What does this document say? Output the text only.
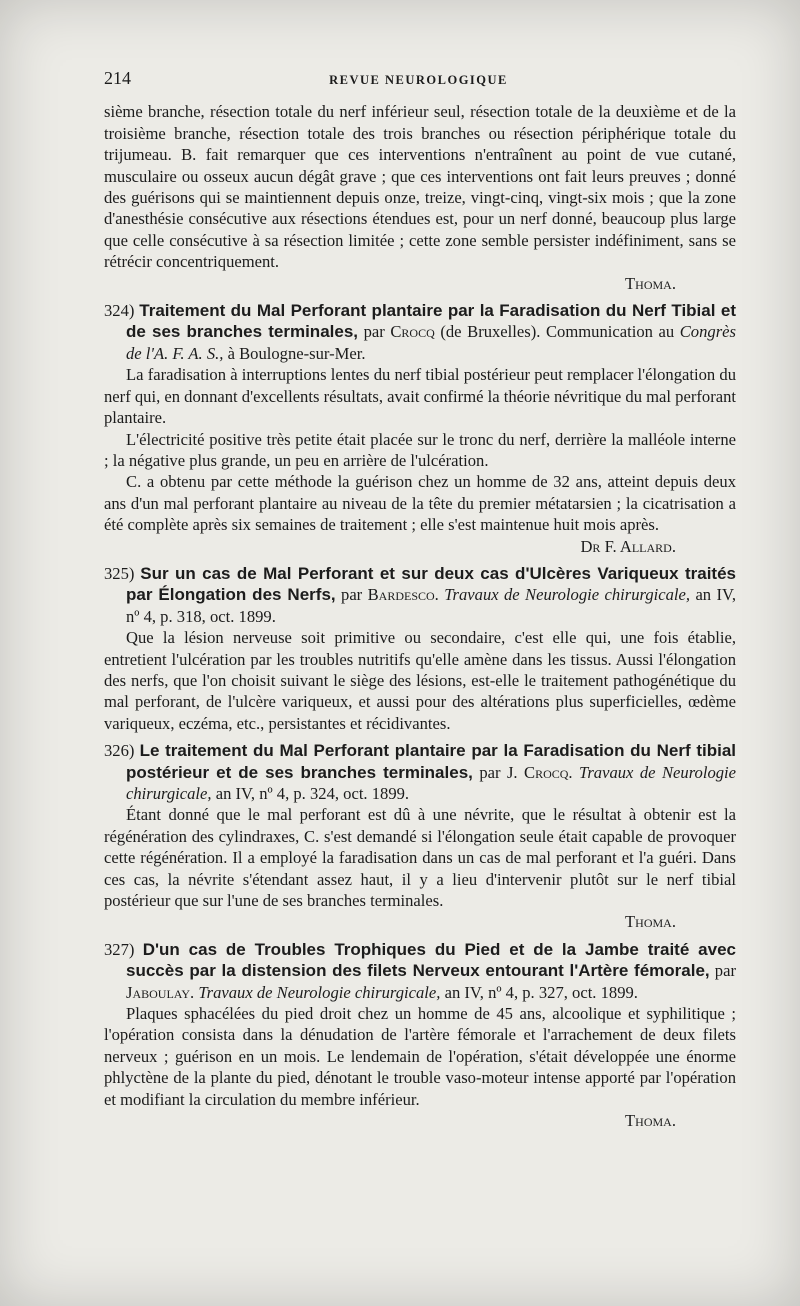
214	REVUE NEUROLOGIQUE

sième branche, résection totale du nerf inférieur seul, résection totale de la deuxième et de la troisième branche, résection totale des trois branches ou résection périphérique totale du trijumeau. B. fait remarquer que ces interventions n'entraînent au point de vue cutané, musculaire ou osseux aucun dégât grave ; que ces interventions ont fait leurs preuves ; donné des guérisons qui se maintiennent depuis onze, treize, vingt-cinq, vingt-six mois ; que la zone d'anesthésie consécutive aux résections étendues est, pour un nerf donné, beaucoup plus large que celle consécutive à sa résection limitée ; cette zone semble persister indéfiniment, sans se rétrécir concentriquement.

Thoma.

324) Traitement du Mal Perforant plantaire par la Faradisation du Nerf Tibial et de ses branches terminales, par Crocq (de Bruxelles). Communication au Congrès de l'A. F. A. S., à Boulogne-sur-Mer.

La faradisation à interruptions lentes du nerf tibial postérieur peut remplacer l'élongation du nerf qui, en donnant d'excellents résultats, avait confirmé la théorie névritique du mal perforant plantaire.

L'électricité positive très petite était placée sur le tronc du nerf, derrière la malléole interne ; la négative plus grande, un peu en arrière de l'ulcération.

C. a obtenu par cette méthode la guérison chez un homme de 32 ans, atteint depuis deux ans d'un mal perforant plantaire au niveau de la tête du premier métatarsien ; la cicatrisation a été complète après six semaines de traitement ; elle s'est maintenue huit mois après.

Dr F. Allard.

325) Sur un cas de Mal Perforant et sur deux cas d'Ulcères Variqueux traités par Élongation des Nerfs, par Bardesco. Travaux de Neurologie chirurgicale, an IV, nº 4, p. 318, oct. 1899.

Que la lésion nerveuse soit primitive ou secondaire, c'est elle qui, une fois établie, entretient l'ulcération par les troubles nutritifs qu'elle amène dans les tissus. Aussi l'élongation des nerfs, que l'on choisit suivant le siège des lésions, est-elle le traitement pathogénétique du mal perforant, de l'ulcère variqueux, et aussi pour des altérations plus superficielles, œdème variqueux, eczéma, etc., persistantes et récidivantes.

326) Le traitement du Mal Perforant plantaire par la Faradisation du Nerf tibial postérieur et de ses branches terminales, par J. Crocq. Travaux de Neurologie chirurgicale, an IV, nº 4, p. 324, oct. 1899.

Étant donné que le mal perforant est dû à une névrite, que le résultat à obtenir est la régénération des cylindraxes, C. s'est demandé si l'élongation seule était capable de provoquer cette régénération. Il a employé la faradisation dans un cas de mal perforant et l'a guéri. Dans ces cas, la névrite s'étendant assez haut, il y a lieu d'intervenir plutôt sur le nerf tibial postérieur que sur l'une de ses branches terminales.

Thoma.

327) D'un cas de Troubles Trophiques du Pied et de la Jambe traité avec succès par la distension des filets Nerveux entourant l'Artère fémorale, par Jaboulay. Travaux de Neurologie chirurgicale, an IV, nº 4, p. 327, oct. 1899.

Plaques sphacélées du pied droit chez un homme de 45 ans, alcoolique et syphilitique ; l'opération consista dans la dénudation de l'artère fémorale et l'arrachement de deux filets nerveux ; guérison en un mois. Le lendemain de l'opération, s'était développée une énorme phlyctène de la plante du pied, dénotant le trouble vaso-moteur intense apporté par l'opération et modifiant la circulation du membre inférieur.

Thoma.
